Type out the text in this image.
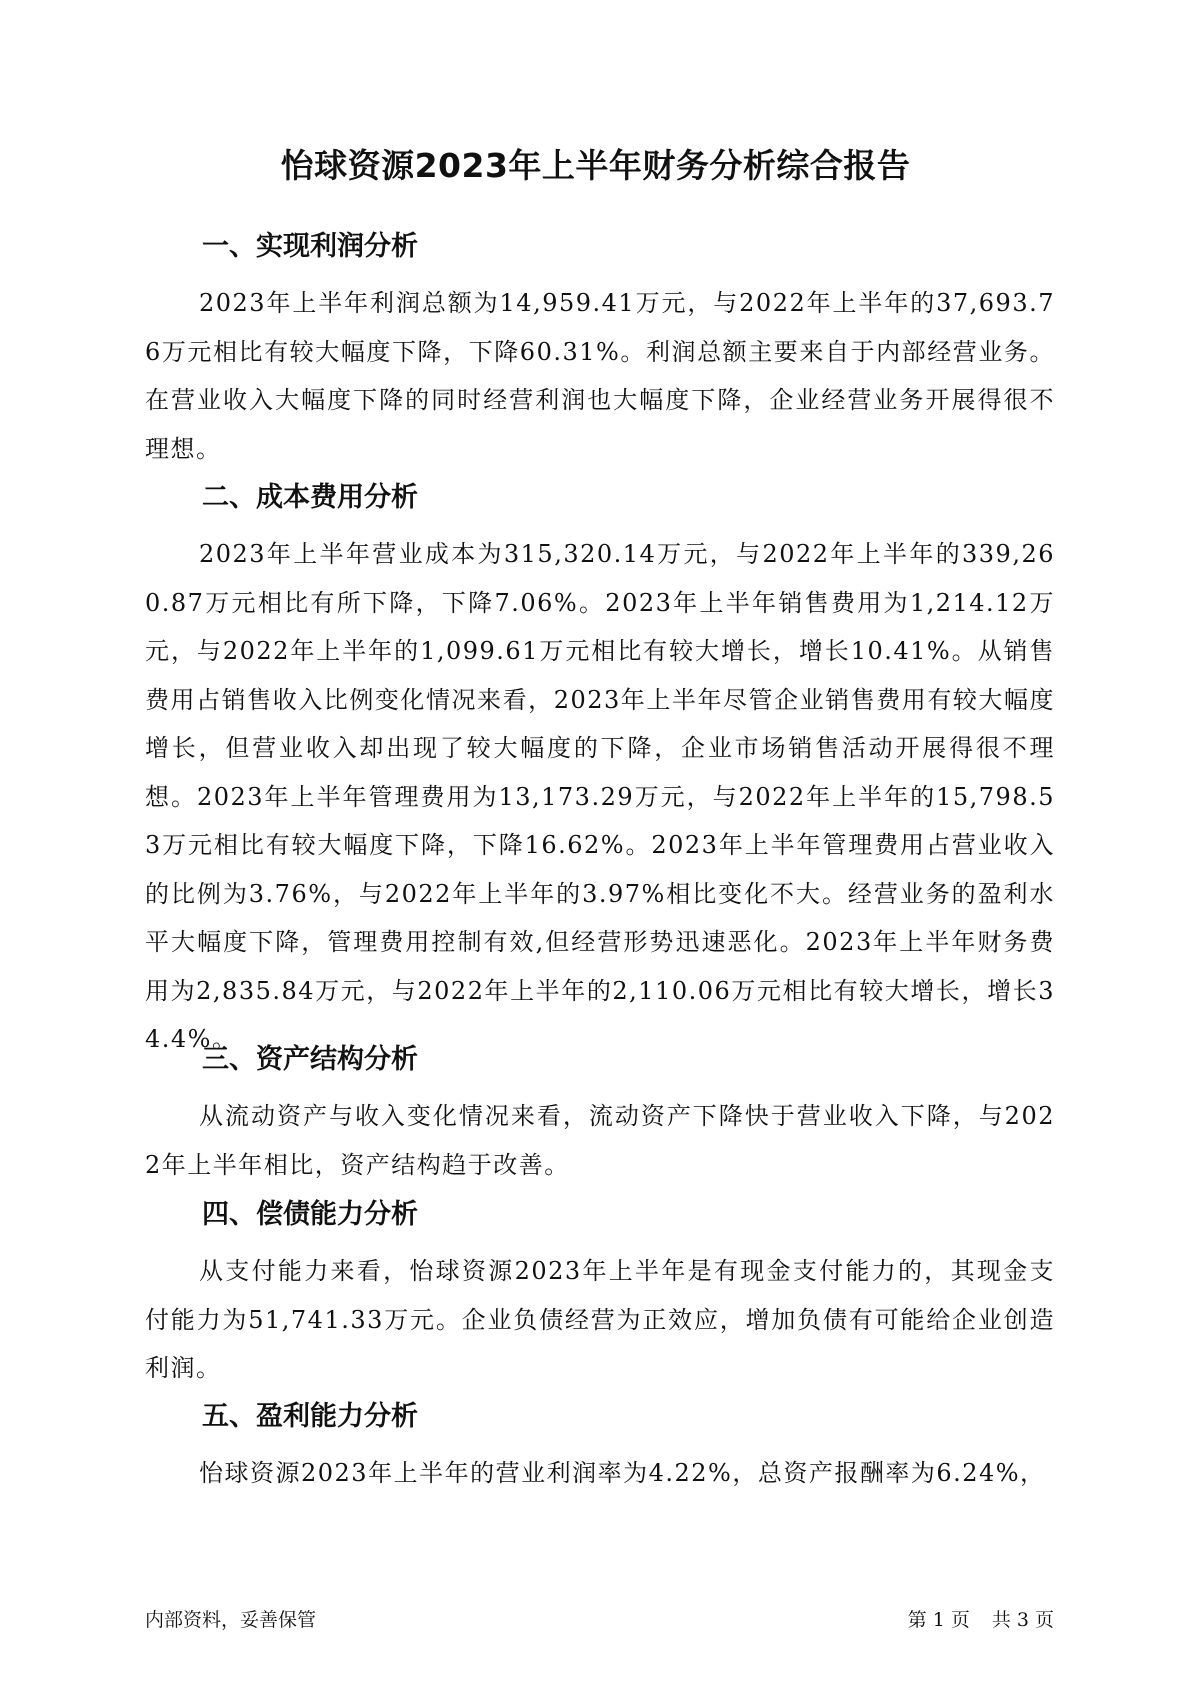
怡球资源2023年上半年财务分析综合报告
一、实现利润分析

2023年上半年利润总额为14,959.41万元，与2022年上半年的37,693.76万元相比有较大幅度下降，下降60.31%。利润总额主要来自于内部经营业务。在营业收入大幅度下降的同时经营利润也大幅度下降，企业经营业务开展得很不理想。

二、成本费用分析

2023年上半年营业成本为315,320.14万元，与2022年上半年的339,260.87万元相比有所下降，下降7.06%。2023年上半年销售费用为1,214.12万元，与2022年上半年的1,099.61万元相比有较大增长，增长10.41%。从销售费用占销售收入比例变化情况来看，2023年上半年尽管企业销售费用有较大幅度增长，但营业收入却出现了较大幅度的下降，企业市场销售活动开展得很不理想。2023年上半年管理费用为13,173.29万元，与2022年上半年的15,798.53万元相比有较大幅度下降，下降16.62%。2023年上半年管理费用占营业收入的比例为3.76%，与2022年上半年的3.97%相比变化不大。经营业务的盈利水平大幅度下降，管理费用控制有效,但经营形势迅速恶化。2023年上半年财务费用为2,835.84万元，与2022年上半年的2,110.06万元相比有较大增长，增长34.4%。

三、资产结构分析

从流动资产与收入变化情况来看，流动资产下降快于营业收入下降，与2022年上半年相比，资产结构趋于改善。

四、偿债能力分析

从支付能力来看，怡球资源2023年上半年是有现金支付能力的，其现金支付能力为51,741.33万元。企业负债经营为正效应，增加负债有可能给企业创造利润。

五、盈利能力分析

怡球资源2023年上半年的营业利润率为4.22%，总资产报酬率为6.24%，

内部资料，妥善保管	第 1 页 共 3 页
